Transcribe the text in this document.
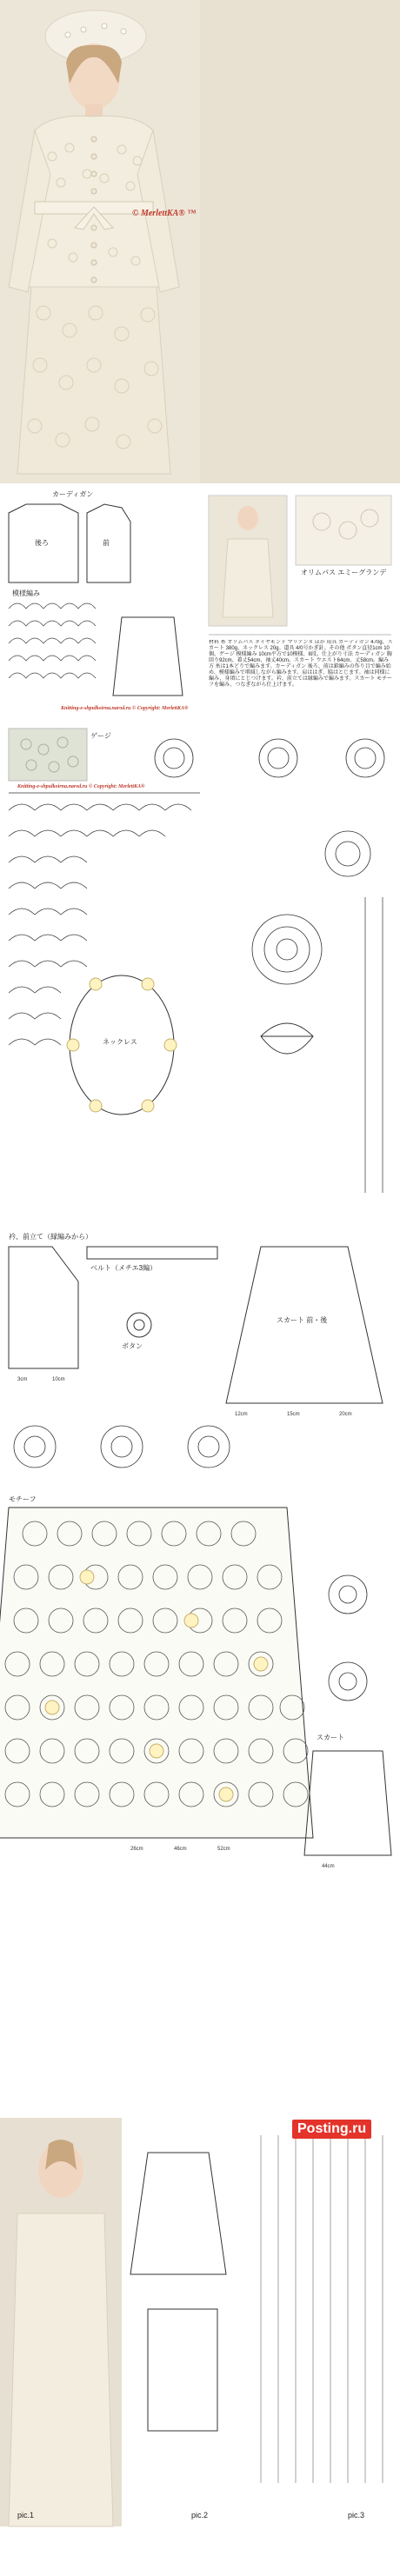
© MerlettKA® ™
カーディガン
後ろ	前
模様編み
オリムパス エミーグランデ
材料 糸 オリムパス ダイヤモンド マリアンヌ ほか 用具 カーディガン 470g、スカート 380g、ネックレス 20g。道具 4/0号かぎ針。その他 ボタン直径1cm 10個。ゲージ 模様編み 10cm平方で10模様、8段。仕上がり寸法 カーディガン 胸回り92cm、着丈54cm、袖丈40cm。スカート ウエスト64cm、丈58cm。編み方 糸は1本どりで編みます。カーディガン 後ろ、前は鎖編みの作り目で編み始め、模様編みで増減しながら編みます。肩ははぎ、脇はとじます。袖は同様に編み、身頃にとじつけます。衿、前立ては縁編みで編みます。スカート モチーフを編み、つなぎながら仕上げます。
Knitting-e-shpulkoirna.narod.ru © Copyright: MerlettKA®
Knitting-e-shpulkoirna.narod.ru © Copyright: MerlettKA®
ゲージ
ネックレス
衿、前立て（縁編みから）
ベルト（メチエ3編）
スカート 前・後
ボタン
モチーフ
スカート
3cm	10cm
12cm	15cm	20cm
26cm
44cm
46cm	52cm
pic.1	pic.2	pic.3
Posting.ru
